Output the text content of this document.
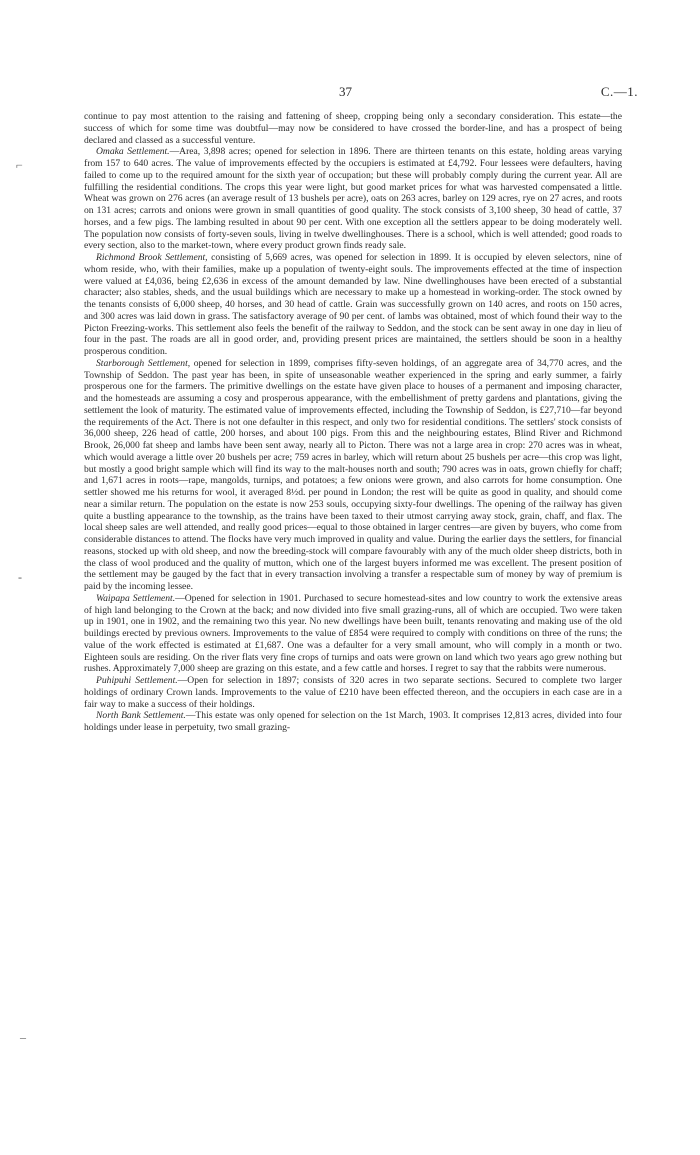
37	C.—1.
⌐
‑
–

continue to pay most attention to the raising and fattening of sheep, cropping being only a secondary consideration. This estate—the success of which for some time was doubtful—may now be considered to have crossed the border-line, and has a prospect of being declared and classed as a successful venture.

Omaka Settlement.—Area, 3,898 acres; opened for selection in 1896. There are thirteen tenants on this estate, holding areas varying from 157 to 640 acres. The value of improvements effected by the occupiers is estimated at £4,792. Four lessees were defaulters, having failed to come up to the required amount for the sixth year of occupation; but these will probably comply during the current year. All are fulfilling the residential conditions. The crops this year were light, but good market prices for what was harvested compensated a little. Wheat was grown on 276 acres (an average result of 13 bushels per acre), oats on 263 acres, barley on 129 acres, rye on 27 acres, and roots on 131 acres; carrots and onions were grown in small quantities of good quality. The stock consists of 3,100 sheep, 30 head of cattle, 37 horses, and a few pigs. The lambing resulted in about 90 per cent. With one exception all the settlers appear to be doing moderately well. The population now consists of forty-seven souls, living in twelve dwellinghouses. There is a school, which is well attended; good roads to every section, also to the market-town, where every product grown finds ready sale.

Richmond Brook Settlement, consisting of 5,669 acres, was opened for selection in 1899. It is occupied by eleven selectors, nine of whom reside, who, with their families, make up a population of twenty-eight souls. The improvements effected at the time of inspection were valued at £4,036, being £2,636 in excess of the amount demanded by law. Nine dwellinghouses have been erected of a substantial character; also stables, sheds, and the usual buildings which are necessary to make up a homestead in working-order. The stock owned by the tenants consists of 6,000 sheep, 40 horses, and 30 head of cattle. Grain was successfully grown on 140 acres, and roots on 150 acres, and 300 acres was laid down in grass. The satisfactory average of 90 per cent. of lambs was obtained, most of which found their way to the Picton Freezing-works. This settlement also feels the benefit of the railway to Seddon, and the stock can be sent away in one day in lieu of four in the past. The roads are all in good order, and, providing present prices are maintained, the settlers should be soon in a healthy prosperous condition.

Starborough Settlement, opened for selection in 1899, comprises fifty-seven holdings, of an aggregate area of 34,770 acres, and the Township of Seddon. The past year has been, in spite of unseasonable weather experienced in the spring and early summer, a fairly prosperous one for the farmers. The primitive dwellings on the estate have given place to houses of a permanent and imposing character, and the homesteads are assuming a cosy and prosperous appearance, with the embellishment of pretty gardens and plantations, giving the settlement the look of maturity. The estimated value of improvements effected, including the Township of Seddon, is £27,710—far beyond the requirements of the Act. There is not one defaulter in this respect, and only two for residential conditions. The settlers' stock consists of 36,000 sheep, 226 head of cattle, 200 horses, and about 100 pigs. From this and the neighbouring estates, Blind River and Richmond Brook, 26,000 fat sheep and lambs have been sent away, nearly all to Picton. There was not a large area in crop: 270 acres was in wheat, which would average a little over 20 bushels per acre; 759 acres in barley, which will return about 25 bushels per acre—this crop was light, but mostly a good bright sample which will find its way to the malt-houses north and south; 790 acres was in oats, grown chiefly for chaff; and 1,671 acres in roots—rape, mangolds, turnips, and potatoes; a few onions were grown, and also carrots for home consumption. One settler showed me his returns for wool, it averaged 8½d. per pound in London; the rest will be quite as good in quality, and should come near a similar return. The population on the estate is now 253 souls, occupying sixty-four dwellings. The opening of the railway has given quite a bustling appearance to the township, as the trains have been taxed to their utmost carrying away stock, grain, chaff, and flax. The local sheep sales are well attended, and really good prices—equal to those obtained in larger centres—are given by buyers, who come from considerable distances to attend. The flocks have very much improved in quality and value. During the earlier days the settlers, for financial reasons, stocked up with old sheep, and now the breeding-stock will compare favourably with any of the much older sheep districts, both in the class of wool produced and the quality of mutton, which one of the largest buyers informed me was excellent. The present position of the settlement may be gauged by the fact that in every transaction involving a transfer a respectable sum of money by way of premium is paid by the incoming lessee.

Waipapa Settlement.—Opened for selection in 1901. Purchased to secure homestead-sites and low country to work the extensive areas of high land belonging to the Crown at the back; and now divided into five small grazing-runs, all of which are occupied. Two were taken up in 1901, one in 1902, and the remaining two this year. No new dwellings have been built, tenants renovating and making use of the old buildings erected by previous owners. Improvements to the value of £854 were required to comply with conditions on three of the runs; the value of the work effected is estimated at £1,687. One was a defaulter for a very small amount, who will comply in a month or two. Eighteen souls are residing. On the river flats very fine crops of turnips and oats were grown on land which two years ago grew nothing but rushes. Approximately 7,000 sheep are grazing on this estate, and a few cattle and horses. I regret to say that the rabbits were numerous.

Puhipuhi Settlement.—Open for selection in 1897; consists of 320 acres in two separate sections. Secured to complete two larger holdings of ordinary Crown lands. Improvements to the value of £210 have been effected thereon, and the occupiers in each case are in a fair way to make a success of their holdings.

North Bank Settlement.—This estate was only opened for selection on the 1st March, 1903. It comprises 12,813 acres, divided into four holdings under lease in perpetuity, two small grazing-
